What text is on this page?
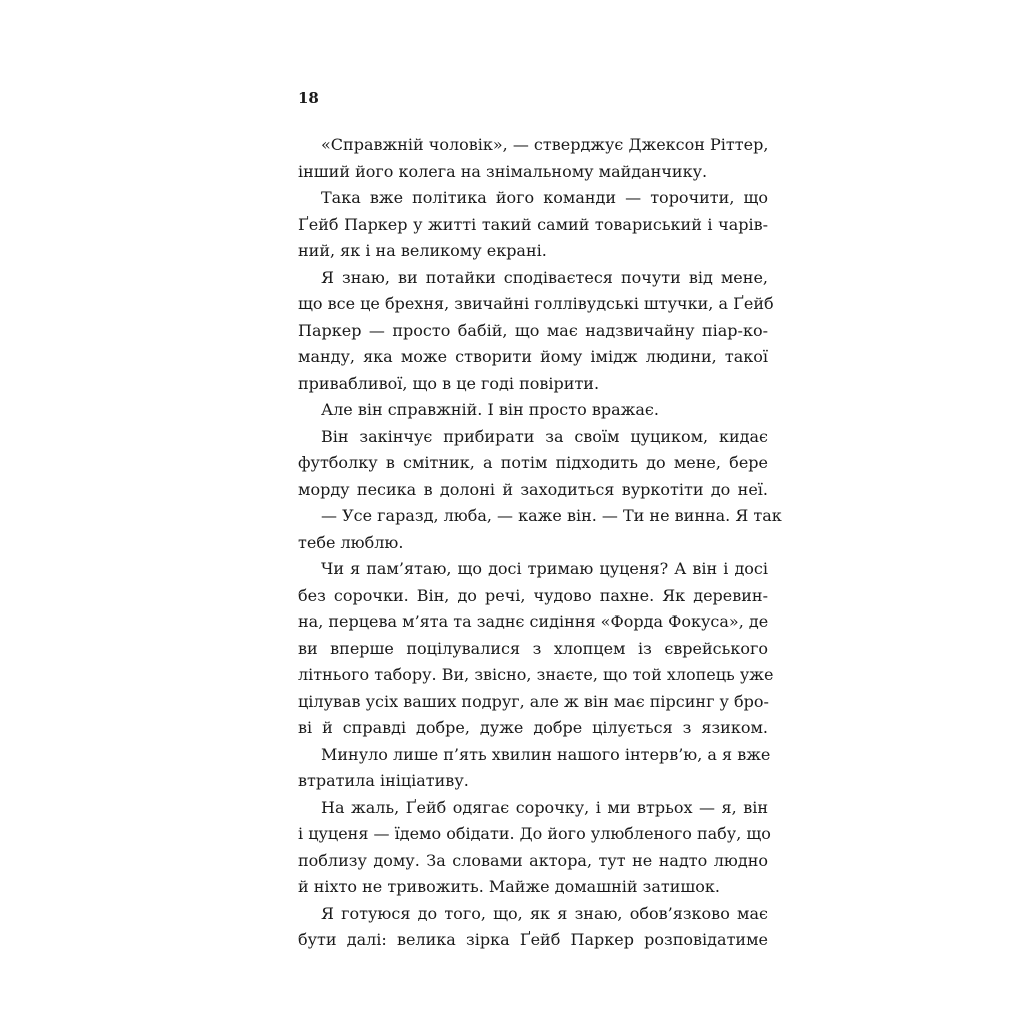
18
«Справжній чоловік», — стверджує Джексон Ріттер,
інший його колега на знімальному майданчику.
Така вже політика його команди — торочити, що
Ґейб Паркер у житті такий самий товариський і чарів-
ний, як і на великому екрані.
Я знаю, ви потайки сподіваєтеся почути від мене,
що все це брехня, звичайні голлівудські штучки, а Ґейб
Паркер — просто бабій, що має надзвичайну піар-ко-
манду, яка може створити йому імідж людини, такої
привабливої, що в це годі повірити.
Але він справжній. І він просто вражає.
Він закінчує прибирати за своїм цуциком, кидає
футболку в смітник, а потім підходить до мене, бере
морду песика в долоні й заходиться вуркотіти до неї.
— Усе гаразд, люба, — каже він. — Ти не винна. Я так
тебе люблю.
Чи я пам’ятаю, що досі тримаю цуценя? А він і досі
без сорочки. Він, до речі, чудово пахне. Як деревин-
на, перцева м’ята та заднє сидіння «Форда Фокуса», де
ви вперше поцілувалися з хлопцем із єврейського
літнього табору. Ви, звісно, знаєте, що той хлопець уже
цілував усіх ваших подруг, але ж він має пірсинг у бро-
ві й справді добре, дуже добре цілується з язиком.
Минуло лише п’ять хвилин нашого інтерв’ю, а я вже
втратила ініціативу.
На жаль, Ґейб одягає сорочку, і ми втрьох — я, він
і цуценя — їдемо обідати. До його улюбленого пабу, що
поблизу дому. За словами актора, тут не надто людно
й ніхто не тривожить. Майже домашній затишок.
Я готуюся до того, що, як я знаю, обов’язково має
бути далі: велика зірка Ґейб Паркер розповідатиме
